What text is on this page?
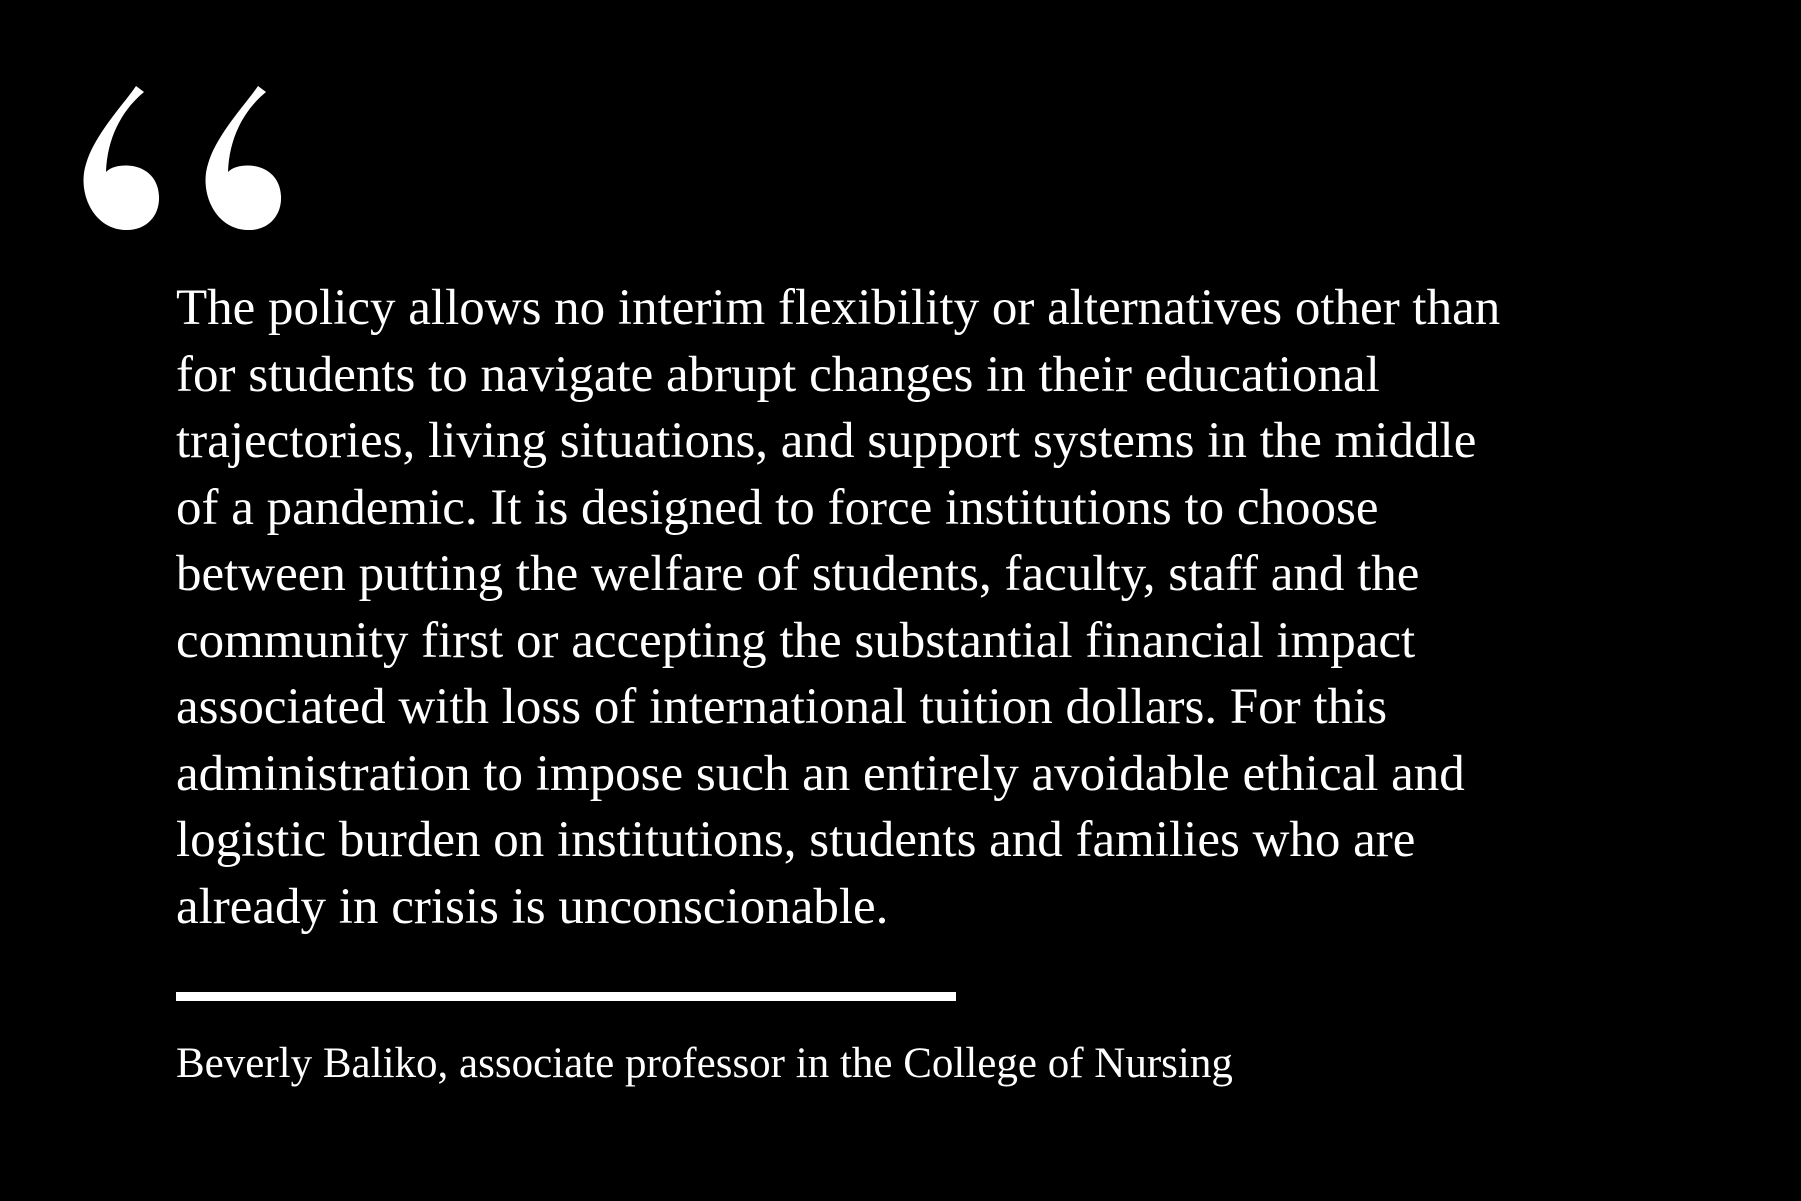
The policy allows no interim flexibility or alternatives other than
for students to navigate abrupt changes in their educational
trajectories, living situations, and support systems in the middle
of a pandemic. It is designed to force institutions to choose
between putting the welfare of students, faculty, staff and the
community first or accepting the substantial financial impact
associated with loss of international tuition dollars. For this
administration to impose such an entirely avoidable ethical and
logistic burden on institutions, students and families who are
already in crisis is unconscionable.

Beverly Baliko, associate professor in the College of Nursing
